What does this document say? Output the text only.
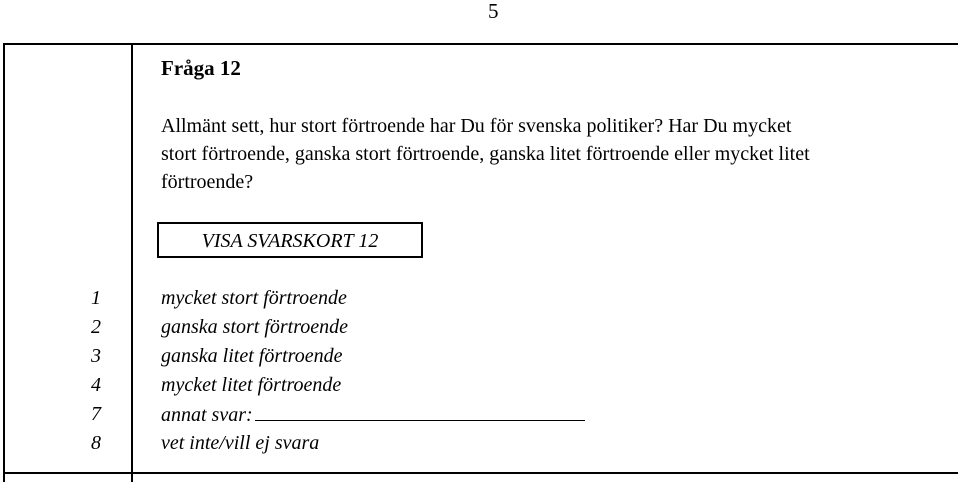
5
Fråga 12
Allmänt sett, hur stort förtroende har Du för svenska politiker? Har Du mycket
stort förtroende, ganska stort förtroende, ganska litet förtroende eller mycket litet
förtroende?
VISA SVARSKORT 12
1	mycket stort förtroende
2	ganska stort förtroende
3	ganska litet förtroende
4	mycket litet förtroende
7	annat svar:
8	vet inte/vill ej svara
